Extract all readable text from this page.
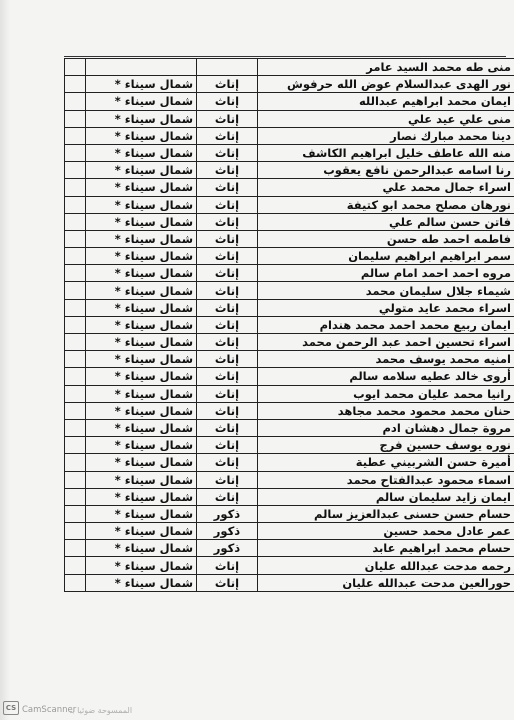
منى طه محمد السيد عامر			
نور الهدى عبدالسلام عوض الله حرفوش	إناث	شمال سيناء *	
ايمان محمد ابراهيم عبدالله	إناث	شمال سيناء *	
منى علي عيد علي	إناث	شمال سيناء *	
دينا محمد مبارك نصار	إناث	شمال سيناء *	
منه الله عاطف خليل ابراهيم الكاشف	إناث	شمال سيناء *	
رنا اسامه عبدالرحمن نافع يعقوب	إناث	شمال سيناء *	
اسراء جمال محمد علي	إناث	شمال سيناء *	
نورهان مصلح محمد ابو كتيفة	إناث	شمال سيناء *	
فاتن حسن سالم علي	إناث	شمال سيناء *	
فاطمه احمد طه حسن	إناث	شمال سيناء *	
سمر ابراهيم ابراهيم سليمان	إناث	شمال سيناء *	
مروه احمد احمد امام سالم	إناث	شمال سيناء *	
شيماء جلال سليمان محمد	إناث	شمال سيناء *	
اسراء محمد عايد متولي	إناث	شمال سيناء *	
ايمان ربيع محمد احمد محمد هندام	إناث	شمال سيناء *	
اسراء تحسين احمد عبد الرحمن محمد	إناث	شمال سيناء *	
امنيه محمد يوسف محمد	إناث	شمال سيناء *	
أروى خالد عطيه سلامه سالم	إناث	شمال سيناء *	
رانيا محمد عليان محمد ايوب	إناث	شمال سيناء *	
حنان محمد محمود محمد مجاهد	إناث	شمال سيناء *	
مروة جمال دهشان ادم	إناث	شمال سيناء *	
نوره يوسف حسين فرج	إناث	شمال سيناء *	
أميرة حسن الشربيني عطية	إناث	شمال سيناء *	
اسماء محمود عبدالفتاح محمد	إناث	شمال سيناء *	
ايمان زايد سليمان سالم	إناث	شمال سيناء *	
حسام حسن حسنى عبدالعزيز سالم	ذكور	شمال سيناء *	
عمر عادل محمد حسين	ذكور	شمال سيناء *	
حسام محمد ابراهيم عابد	ذكور	شمال سيناء *	
رحمه مدحت عبدالله عليان	إناث	شمال سيناء *	
حورالعين مدحت عبدالله عليان	إناث	شمال سيناء *	
CS CamScanner
الممسوحة ضوئيا بـ
